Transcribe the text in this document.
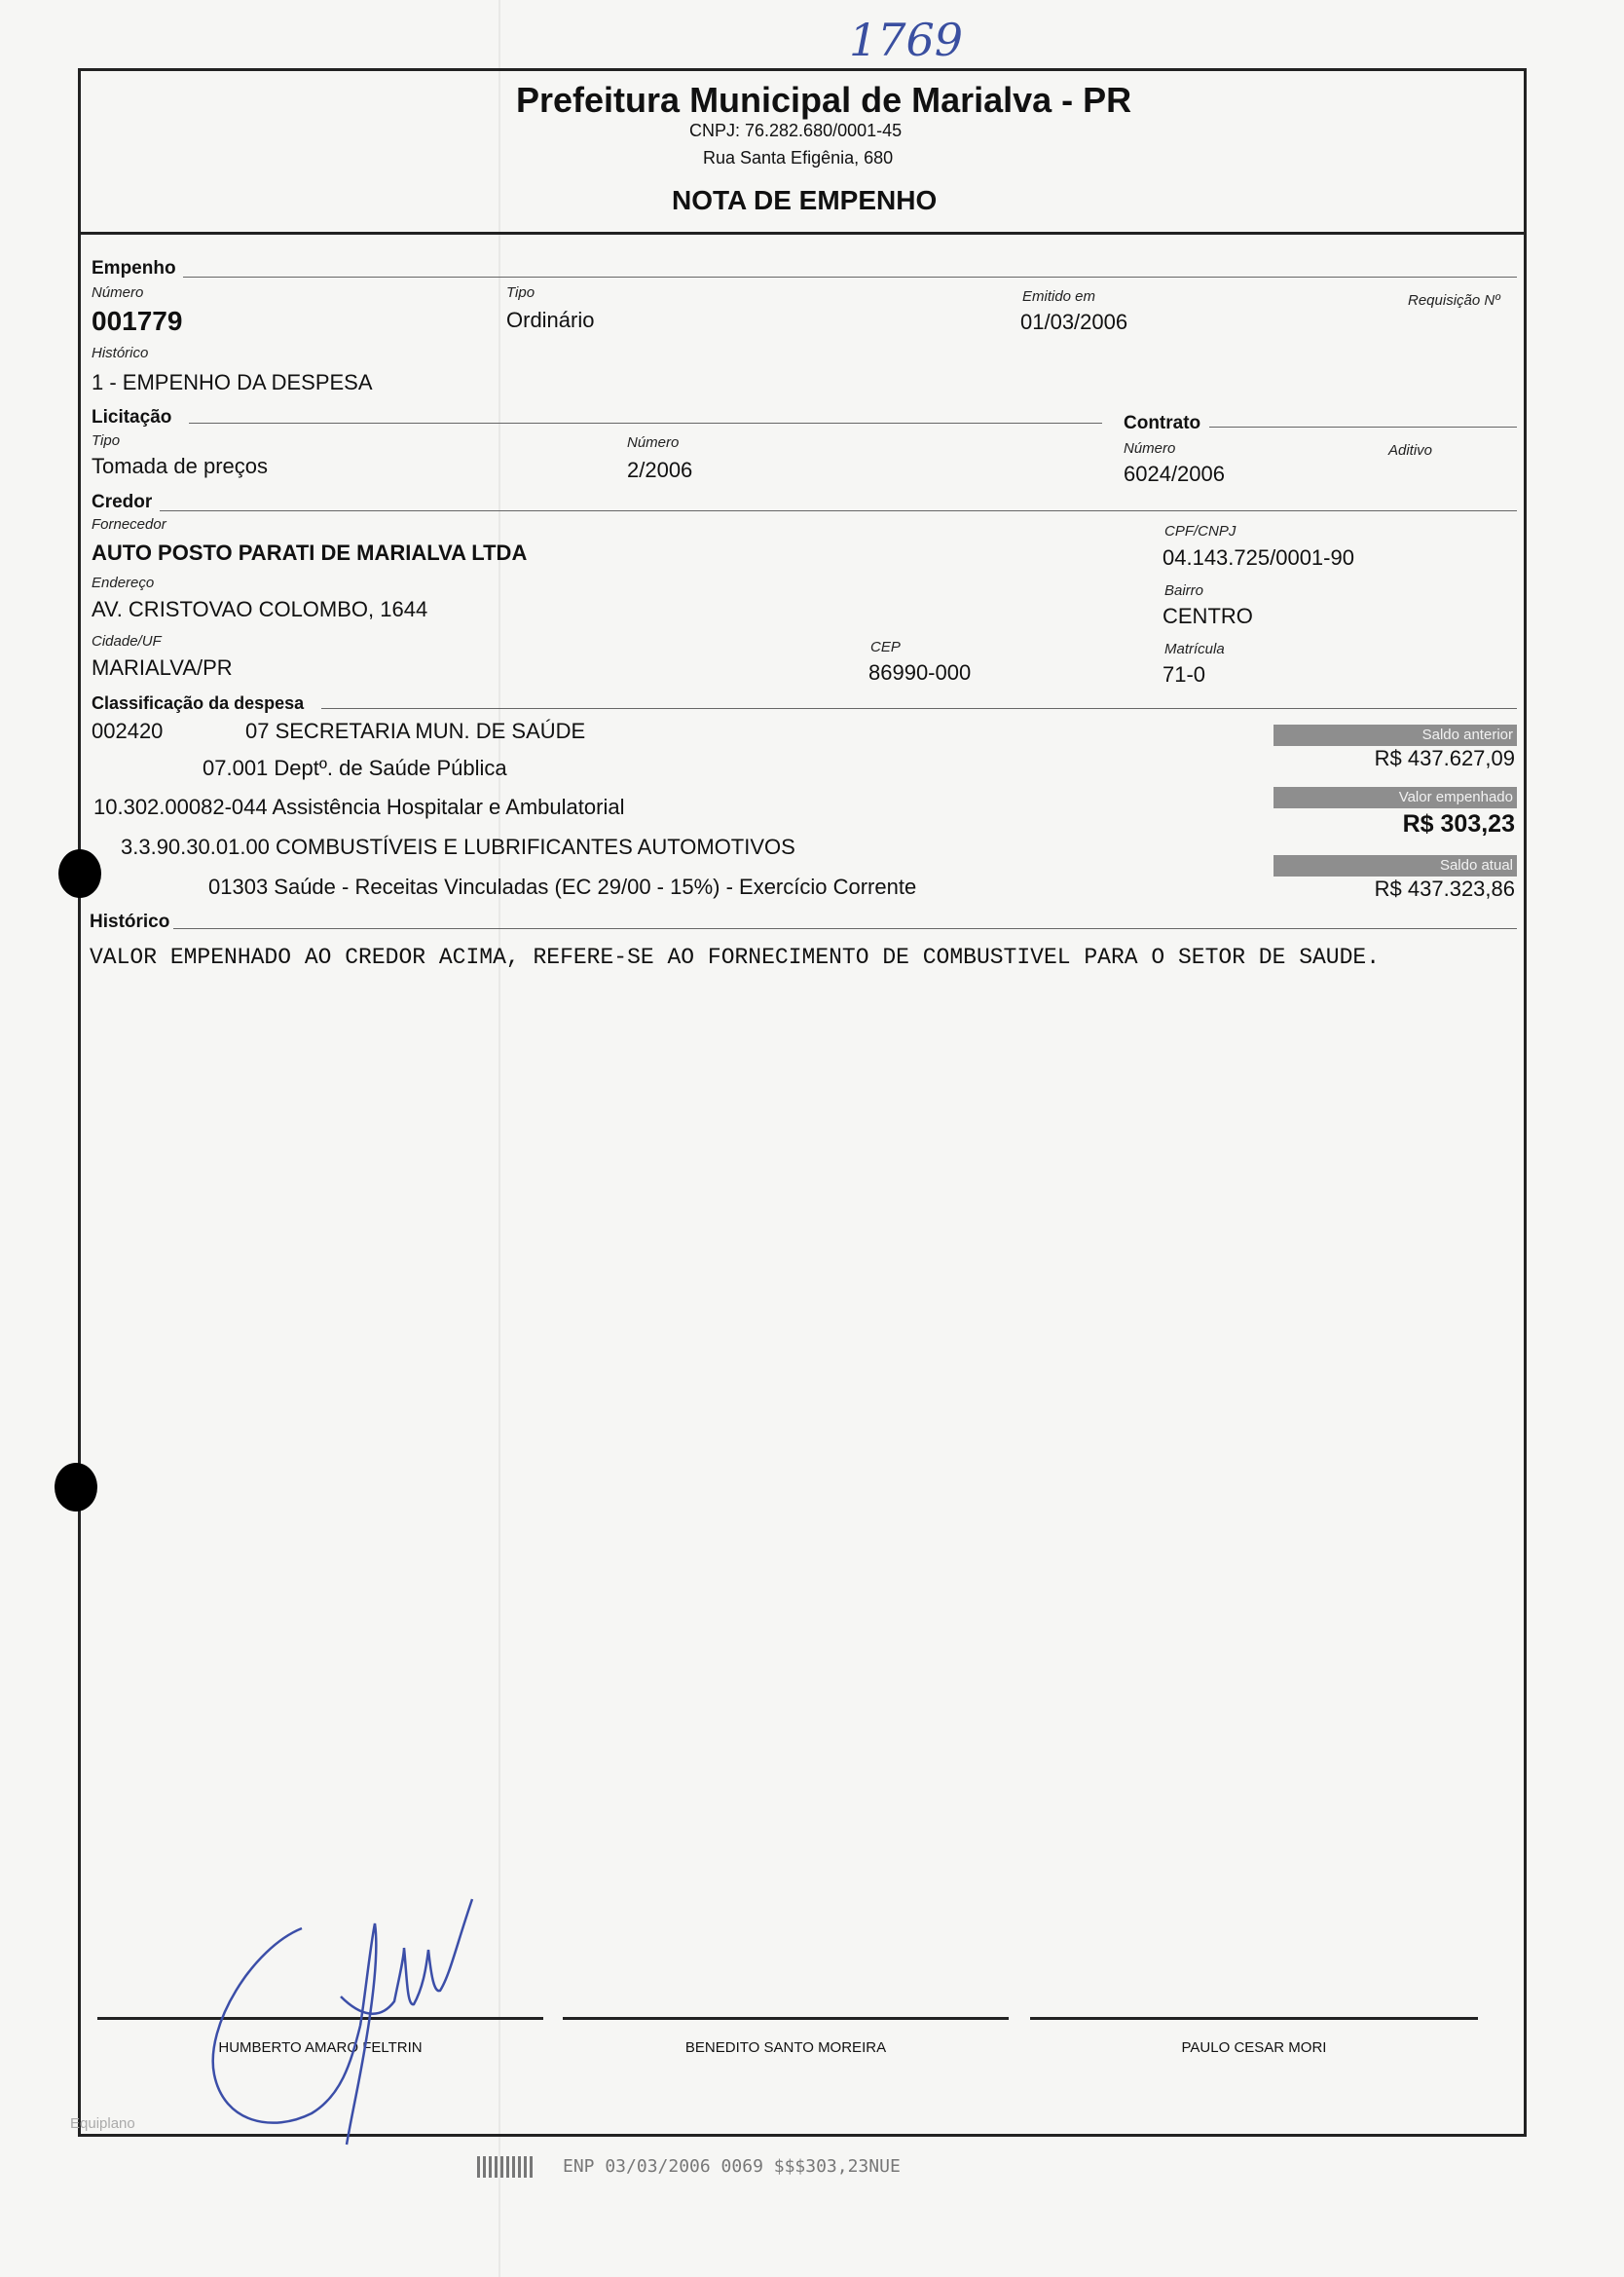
1769
Prefeitura Municipal de Marialva - PR
CNPJ: 76.282.680/0001-45
Rua Santa Efigênia, 680
NOTA DE EMPENHO
Empenho
Número
001779
Tipo
Ordinário
Emitido em
01/03/2006
Requisição Nº
Histórico
1 - EMPENHO DA DESPESA
Licitação
Tipo
Tomada de preços
Número
2/2006
Contrato
Número
6024/2006
Aditivo
Credor
Fornecedor
AUTO POSTO PARATI DE MARIALVA LTDA
CPF/CNPJ
04.143.725/0001-90
Endereço
AV. CRISTOVAO COLOMBO, 1644
Bairro
CENTRO
Cidade/UF
MARIALVA/PR
CEP
86990-000
Matrícula
71-0
Classificação da despesa
002420	07 SECRETARIA MUN. DE SAÚDE
07.001 Deptº. de Saúde Pública
10.302.00082-044 Assistência Hospitalar e Ambulatorial
3.3.90.30.01.00 COMBUSTÍVEIS E LUBRIFICANTES AUTOMOTIVOS
01303 Saúde - Receitas Vinculadas (EC 29/00 - 15%) - Exercício Corrente
Saldo anterior
R$ 437.627,09
Valor empenhado
R$ 303,23
Saldo atual
R$ 437.323,86
Histórico
VALOR EMPENHADO AO CREDOR ACIMA, REFERE-SE AO FORNECIMENTO DE COMBUSTIVEL PARA O SETOR DE SAUDE.
HUMBERTO AMARO FELTRIN	BENEDITO SANTO MOREIRA	PAULO CESAR MORI
Equiplano
ENP 03/03/2006 0069 $$$303,23NUE
